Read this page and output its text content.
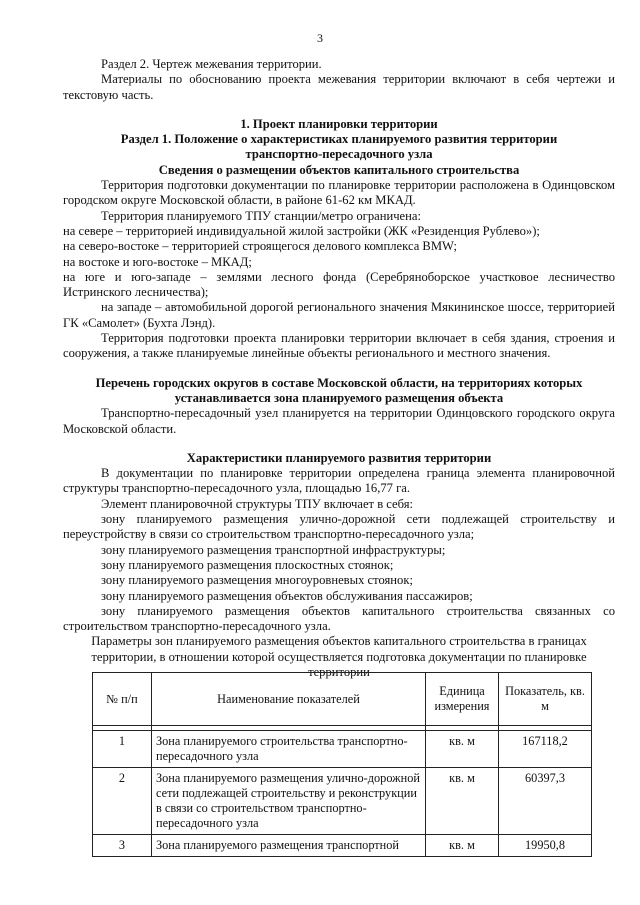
3

Раздел 2. Чертеж межевания территории.

Материалы по обоснованию проекта межевания территории включают в себя чертежи и текстовую часть.

1. Проект планировки территории

Раздел 1. Положение о характеристиках планируемого развития территории транспортно-пересадочного узла

Сведения о размещении объектов капитального строительства

Территория подготовки документации по планировке территории расположена в Одинцовском городском округе Московской области, в районе 61-62 км МКАД.

Территория планируемого ТПУ станции/метро ограничена:

на севере – территорией индивидуальной жилой застройки (ЖК «Резиденция Рублево»);

на северо-востоке – территорией строящегося делового комплекса BMW;

на востоке и юго-востоке – МКАД;

на юге и юго-западе – землями лесного фонда (Серебряноборское участковое лесничество Истринского лесничества);

на западе – автомобильной дорогой регионального значения Мякининское шоссе, территорией ГК «Самолет» (Бухта Лэнд).

Территория подготовки проекта планировки территории включает в себя здания, строения и сооружения, а также планируемые линейные объекты регионального и местного значения.

Перечень городских округов в составе Московской области, на территориях которых устанавливается зона планируемого размещения объекта

Транспортно-пересадочный узел планируется на территории Одинцовского городского округа Московской области.

Характеристики планируемого развития территории

В документации по планировке территории определена граница элемента планировочной структуры транспортно-пересадочного узла, площадью 16,77 га.

Элемент планировочной структуры ТПУ включает в себя:

зону планируемого размещения улично-дорожной сети подлежащей строительству и переустройству в связи со строительством транспортно-пересадочного узла;

зону планируемого размещения транспортной инфраструктуры;

зону планируемого размещения плоскостных стоянок;

зону планируемого размещения многоуровневых стоянок;

зону планируемого размещения объектов обслуживания пассажиров;

зону планируемого размещения объектов капитального строительства связанных со строительством транспортно-пересадочного узла.

Параметры зон планируемого размещения объектов капитального строительства в границах территории, в отношении которой осуществляется подготовка документации по планировке территории

№ п/п	Наименование показателей	Единица измерения	Показатель, кв. м

1	Зона планируемого строительства транспортно-пересадочного узла	кв. м	167118,2
2	Зона планируемого размещения улично-дорожной сети подлежащей строительству и реконструкции в связи со строительством транспортно-пересадочного узла	кв. м	60397,3
3	Зона планируемого размещения транспортной	кв. м	19950,8
